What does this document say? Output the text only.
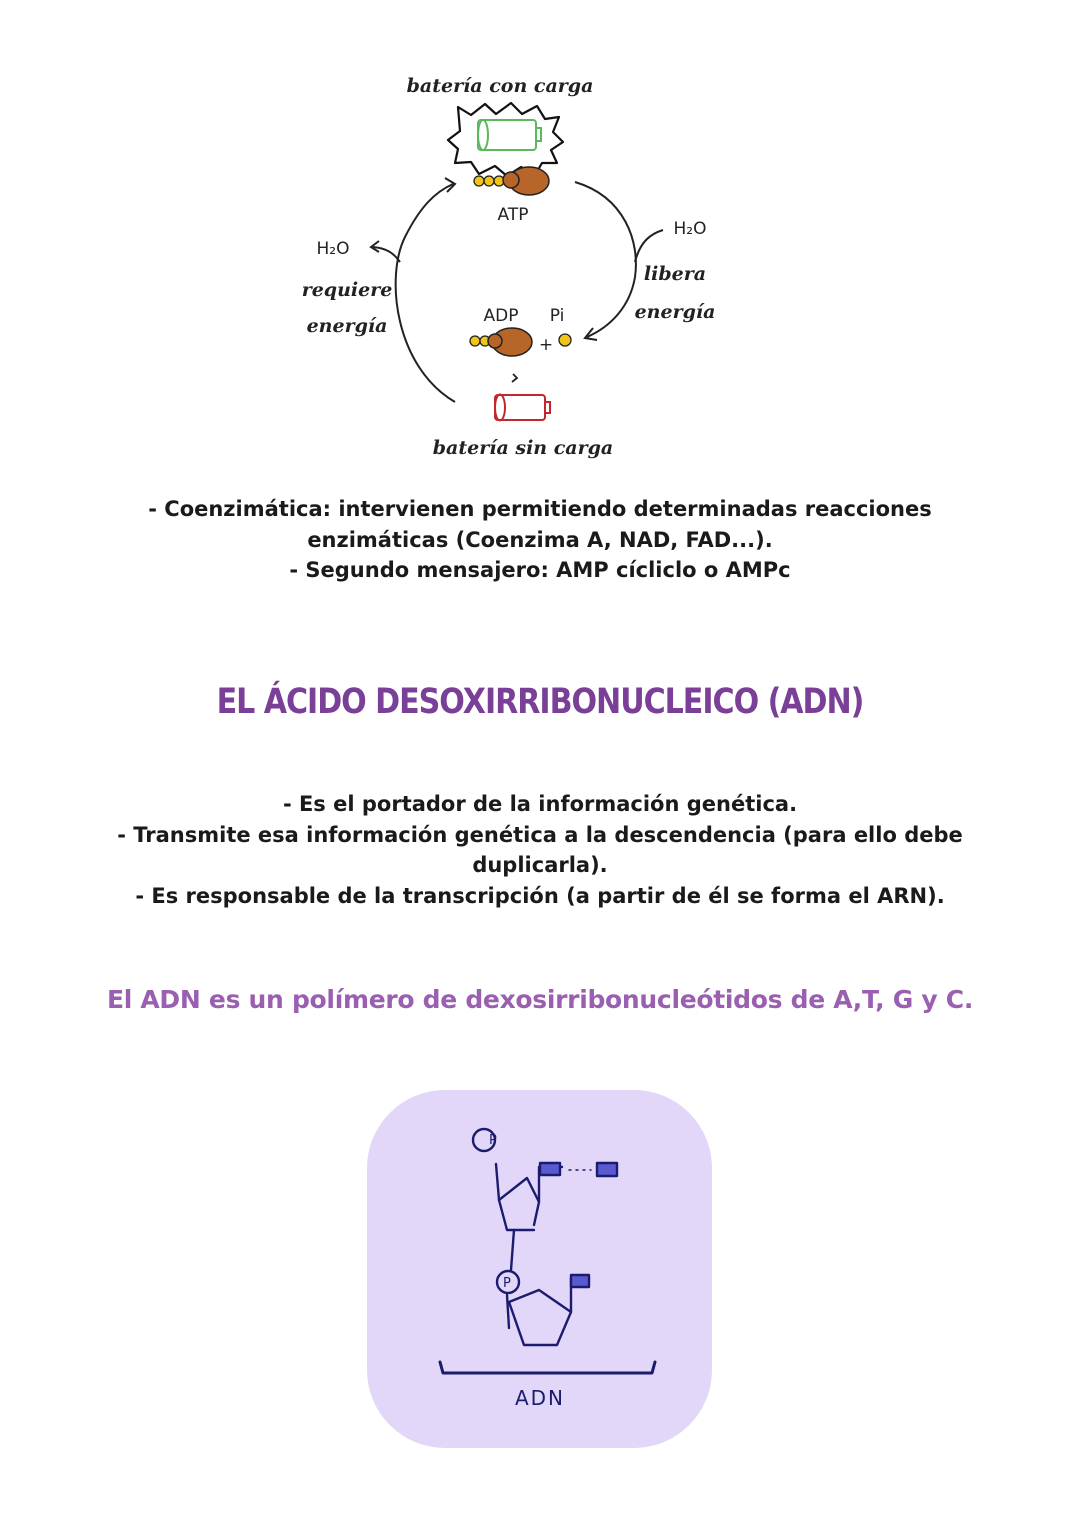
batería con carga
ATP
H₂O
requiere
energía
H₂O
libera
energía
ADP Pi
+
batería sin carga
- Coenzimática: intervienen permitiendo determinadas reacciones
enzimáticas (Coenzima A, NAD, FAD...).
- Segundo mensajero: AMP cícliclo o AMPc
EL ÁCIDO DESOXIRRIBONUCLEICO (ADN)
- Es el portador de la información genética.
- Transmite esa información genética a la descendencia (para ello debe
duplicarla).
- Es responsable de la transcripción (a partir de él se forma el ARN).
El ADN es un polímero de dexosirribonucleótidos de A,T, G y C.
P
P
ADN
